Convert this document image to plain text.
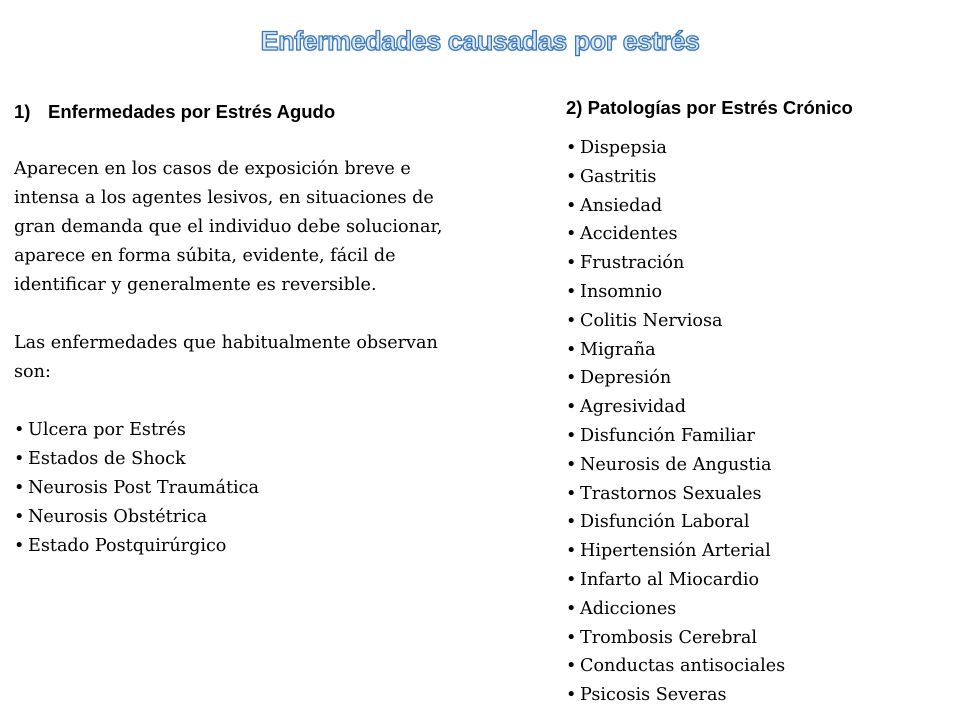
Enfermedades causadas por estrés
1) Enfermedades por Estrés Agudo

Aparecen en los casos de exposición breve e intensa a los agentes lesivos, en situaciones de gran demanda que el individuo debe solucionar, aparece en forma súbita, evidente, fácil de identificar y generalmente es reversible.

Las enfermedades que habitualmente observan son:

• Ulcera por Estrés
• Estados de Shock
• Neurosis Post Traumática
• Neurosis Obstétrica
• Estado Postquirúrgico
2) Patologías por Estrés Crónico
• Dispepsia
• Gastritis
• Ansiedad
• Accidentes
• Frustración
• Insomnio
• Colitis Nerviosa
• Migraña
• Depresión
• Agresividad
• Disfunción Familiar
• Neurosis de Angustia
• Trastornos Sexuales
• Disfunción Laboral
• Hipertensión Arterial
• Infarto al Miocardio
• Adicciones
• Trombosis Cerebral
• Conductas antisociales
• Psicosis Severas
